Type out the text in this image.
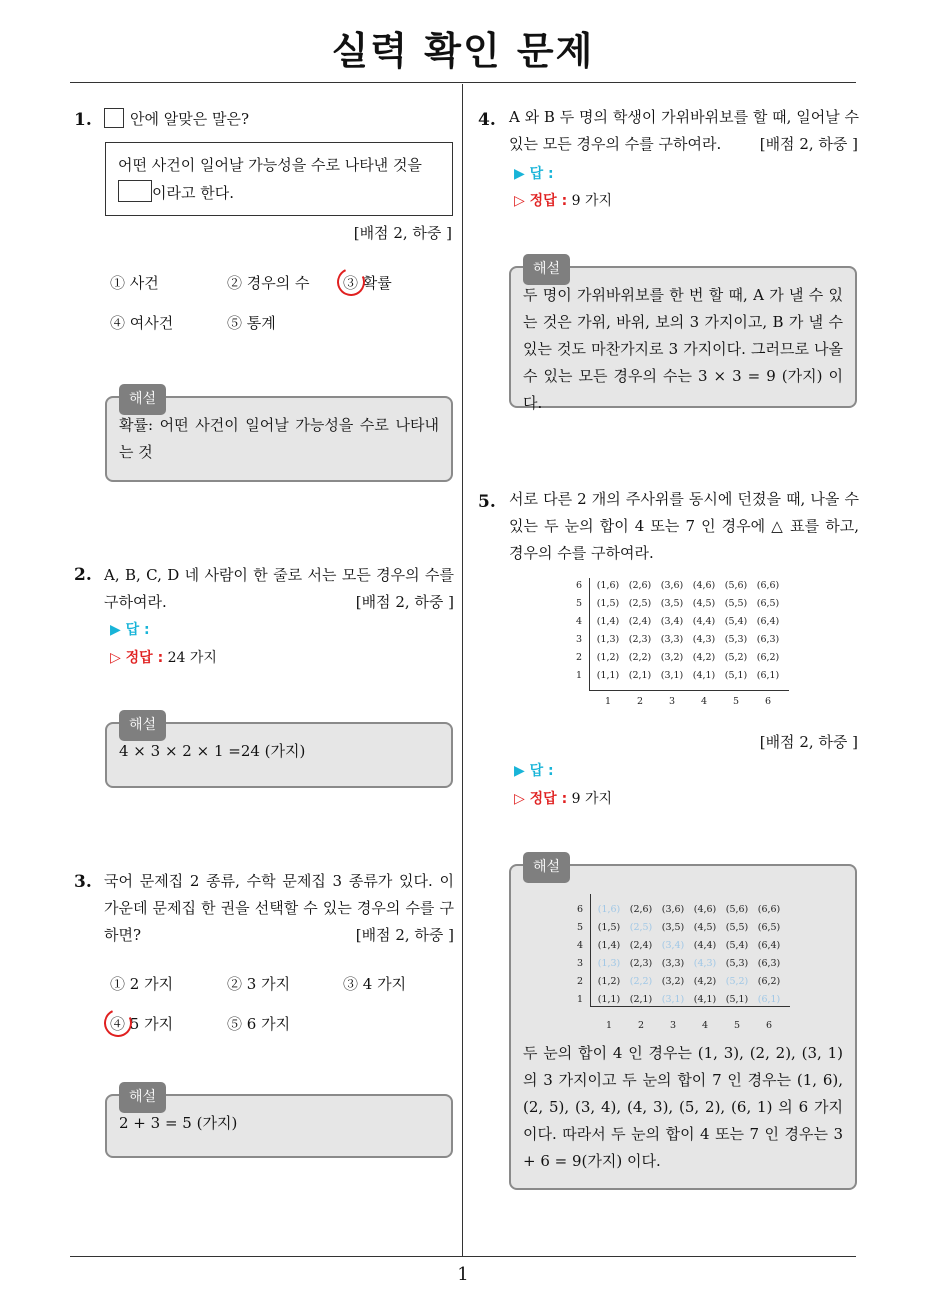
실력 확인 문제
1
1.	안에 알맞은 말은?
어떤 사건이 일어날 가능성을 수로 나타낸 것을
이라고 한다.
[배점 2, 하중 ]
① 사건	② 경우의 수 ③ 확률
④ 여사건	⑤ 통계
해설
확률: 어떤 사건이 일어날 가능성을 수로 나타내는 것
2. A, B, C, D 네 사람이 한 줄로 서는 모든 경우의 수를 구하여라.	[배점 2, 하중 ]
▶ 답 :
▷ 정답 : 24 가지
해설
4 × 3 × 2 × 1 =24 (가지)
3. 국어 문제집 2 종류, 수학 문제집 3 종류가 있다. 이 가운데 문제집 한 권을 선택할 수 있는 경우의 수를 구하면?	[배점 2, 하중 ]
① 2 가지	② 3 가지	③ 4 가지
④ 5 가지	⑤ 6 가지
해설
2 + 3 = 5 (가지)
4. A 와 B 두 명의 학생이 가위바위보를 할 때, 일어날 수 있는 모든 경우의 수를 구하여라.	[배점 2, 하중 ]
▶ 답 :
▷ 정답 : 9 가지
해설
두 명이 가위바위보를 한 번 할 때, A 가 낼 수 있는 것은 가위, 바위, 보의 3 가지이고, B 가 낼 수 있는 것도 마찬가지로 3 가지이다. 그러므로 나올 수 있는 모든 경우의 수는 3 × 3 = 9 (가지) 이다.
5. 서로 다른 2 개의 주사위를 동시에 던졌을 때, 나올 수 있는 두 눈의 합이 4 또는 7 인 경우에 △ 표를 하고, 경우의 수를 구하여라.
6	(1,6) (2,6) (3,6) (4,6) (5,6) (6,6)
5	(1,5) (2,5) (3,5) (4,5) (5,5) (6,5)
4	(1,4) (2,4) (3,4) (4,4) (5,4) (6,4)
3	(1,3) (2,3) (3,3) (4,3) (5,3) (6,3)
2	(1,2) (2,2) (3,2) (4,2) (5,2) (6,2)
1	(1,1) (2,1) (3,1) (4,1) (5,1) (6,1)
1	2	3	4	5	6
[배점 2, 하중 ]
▶ 답 :
▷ 정답 : 9 가지
해설
6	(1,6) (2,6) (3,6) (4,6) (5,6) (6,6)
5	(1,5) (2,5) (3,5) (4,5) (5,5) (6,5)
4	(1,4) (2,4) (3,4) (4,4) (5,4) (6,4)
3	(1,3) (2,3) (3,3) (4,3) (5,3) (6,3)
2	(1,2) (2,2) (3,2) (4,2) (5,2) (6,2)
1	(1,1) (2,1) (3,1) (4,1) (5,1) (6,1)
1	2	3	4	5	6
두 눈의 합이 4 인 경우는 (1, 3), (2, 2), (3, 1) 의 3 가지이고 두 눈의 합이 7 인 경우는 (1, 6), (2, 5), (3, 4), (4, 3), (5, 2), (6, 1) 의 6 가지이다. 따라서 두 눈의 합이 4 또는 7 인 경우는 3 + 6 = 9(가지) 이다.
